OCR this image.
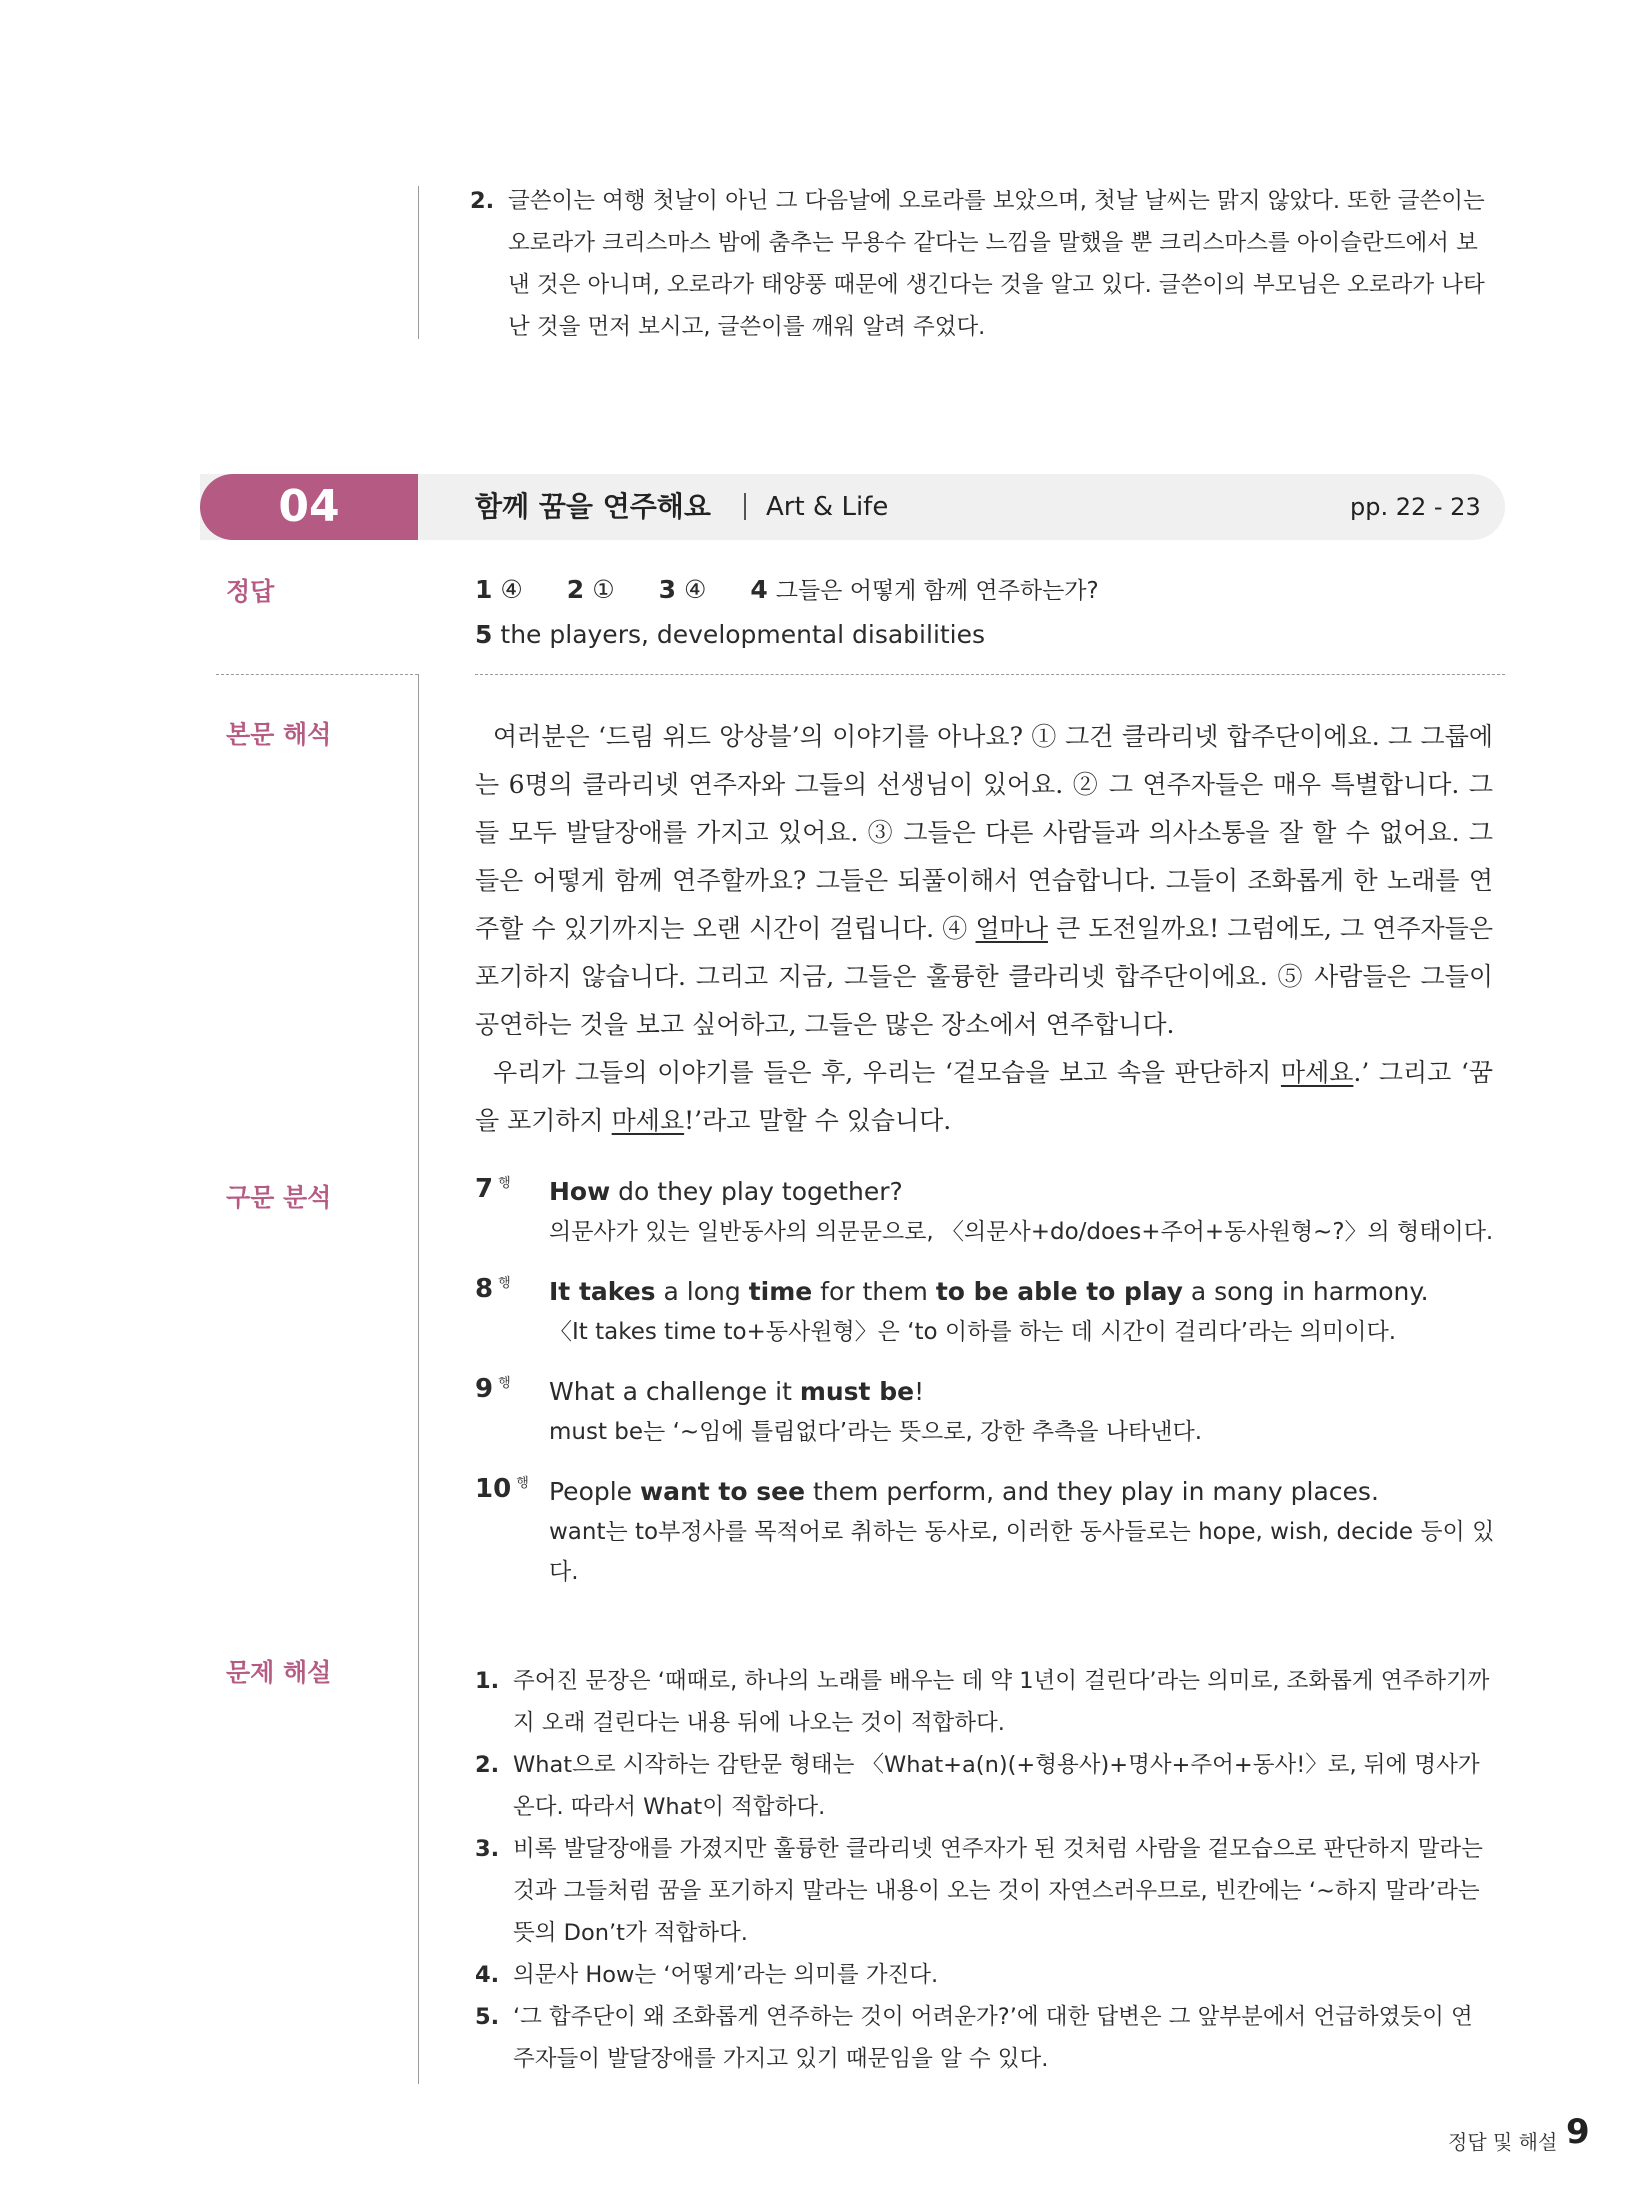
2. 글쓴이는 여행 첫날이 아닌 그 다음날에 오로라를 보았으며, 첫날 날씨는 맑지 않았다. 또한 글쓴이는 오로라가 크리스마스 밤에 춤추는 무용수 같다는 느낌을 말했을 뿐 크리스마스를 아이슬란드에서 보낸 것은 아니며, 오로라가 태양풍 때문에 생긴다는 것을 알고 있다. 글쓴이의 부모님은 오로라가 나타난 것을 먼저 보시고, 글쓴이를 깨워 알려 주었다.
04	함께 꿈을 연주해요 Art & Life	pp. 22 - 23
정답	1 ④ 2 ① 3 ④ 4 그들은 어떻게 함께 연주하는가?
5 the players, developmental disabilities
본문 해석	여러분은 ‘드림 위드 앙상블’의 이야기를 아나요? ① 그건 클라리넷 합주단이에요. 그 그룹에는 6명의 클라리넷 연주자와 그들의 선생님이 있어요. ② 그 연주자들은 매우 특별합니다. 그들 모두 발달장애를 가지고 있어요. ③ 그들은 다른 사람들과 의사소통을 잘 할 수 없어요. 그들은 어떻게 함께 연주할까요? 그들은 되풀이해서 연습합니다. 그들이 조화롭게 한 노래를 연주할 수 있기까지는 오랜 시간이 걸립니다. ④ 얼마나 큰 도전일까요! 그럼에도, 그 연주자들은 포기하지 않습니다. 그리고 지금, 그들은 훌륭한 클라리넷 합주단이에요. ⑤ 사람들은 그들이 공연하는 것을 보고 싶어하고, 그들은 많은 장소에서 연주합니다.

우리가 그들의 이야기를 들은 후, 우리는 ‘겉모습을 보고 속을 판단하지 마세요.’ 그리고 ‘꿈을 포기하지 마세요!’라고 말할 수 있습니다.

구문 분석	7 $^행$ How do they play together?
의문사가 있는 일반동사의 의문문으로, 〈의문사+do/does+주어+동사원형~?〉의 형태이다.
8 $^행$ It takes a long time for them to be able to play a song in harmony.
〈It takes time to+동사원형〉은 ‘to 이하를 하는 데 시간이 걸리다’라는 의미이다.
9 $^행$ What a challenge it must be!
must be는 ‘~임에 틀림없다’라는 뜻으로, 강한 추측을 나타낸다.
10 $^행$ People want to see them perform, and they play in many places.
want는 to부정사를 목적어로 취하는 동사로, 이러한 동사들로는 hope, wish, decide 등이 있다.
문제 해설	1. 주어진 문장은 ‘때때로, 하나의 노래를 배우는 데 약 1년이 걸린다’라는 의미로, 조화롭게 연주하기까지 오래 걸린다는 내용 뒤에 나오는 것이 적합하다.
2. What으로 시작하는 감탄문 형태는 〈What+a(n)(+형용사)+명사+주어+동사!〉로, 뒤에 명사가 온다. 따라서 What이 적합하다.
3. 비록 발달장애를 가졌지만 훌륭한 클라리넷 연주자가 된 것처럼 사람을 겉모습으로 판단하지 말라는 것과 그들처럼 꿈을 포기하지 말라는 내용이 오는 것이 자연스러우므로, 빈칸에는 ‘~하지 말라’라는 뜻의 Don’t가 적합하다.
4. 의문사 How는 ‘어떻게’라는 의미를 가진다.
5. ‘그 합주단이 왜 조화롭게 연주하는 것이 어려운가?’에 대한 답변은 그 앞부분에서 언급하였듯이 연주자들이 발달장애를 가지고 있기 때문임을 알 수 있다.
정답 및 해설 9
